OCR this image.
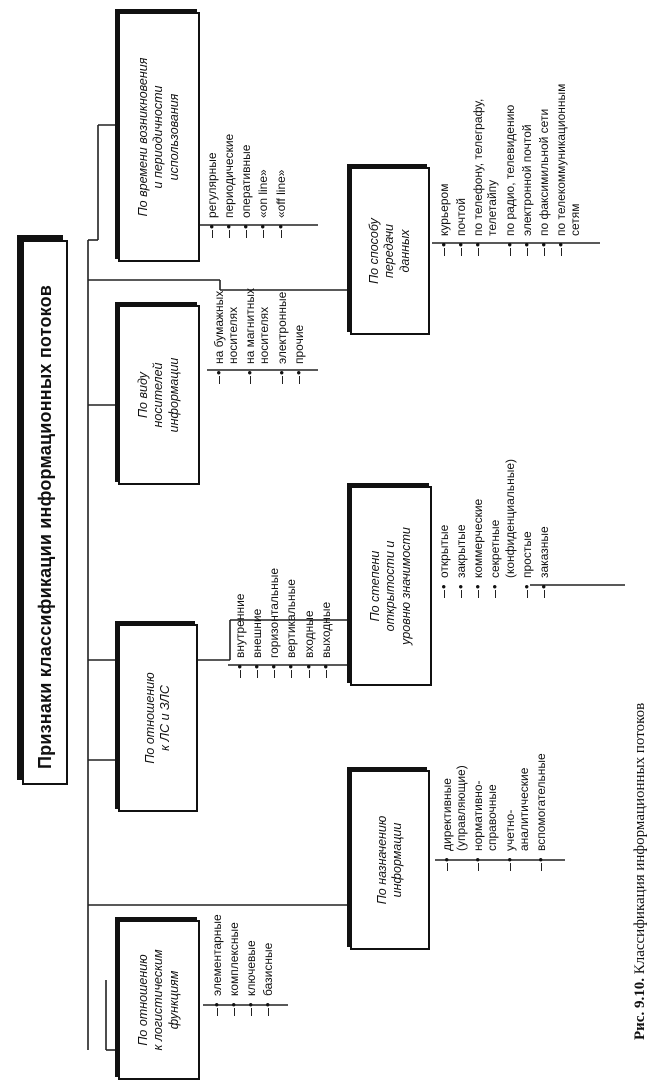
Признаки классификации информационных потоков
По отношению к логистическим функциям
• элементарные • комплексные • ключевые • базисные
По назначению информации
• директивные (управляющие) • нормативно- справочные • учетно- аналитические • вспомогательные
По отношению к ЛС и ЗЛС
• внутренние • внешние • горизонтальные • вертикальные • входные • выходные
По степени открытости и уровню значимости • открытые • закрытые • коммерческие • секретные (конфиденциальные) • простые • заказные
По виду носителей информации
• на бумажных носителях • на магнитных носителях • электронные • прочие
По способу передачи данных
• курьером • почтой • по телефону, телеграфу, телетайпу • по радио, телевидению • электронной почтой • по факсимильной сети • по телекоммуникационным сетям
По времени возникновения и периодичности использования
• регулярные • периодические • оперативные • «on line» • «off line»
Рис. 9.10. Классификация информационных потоков
